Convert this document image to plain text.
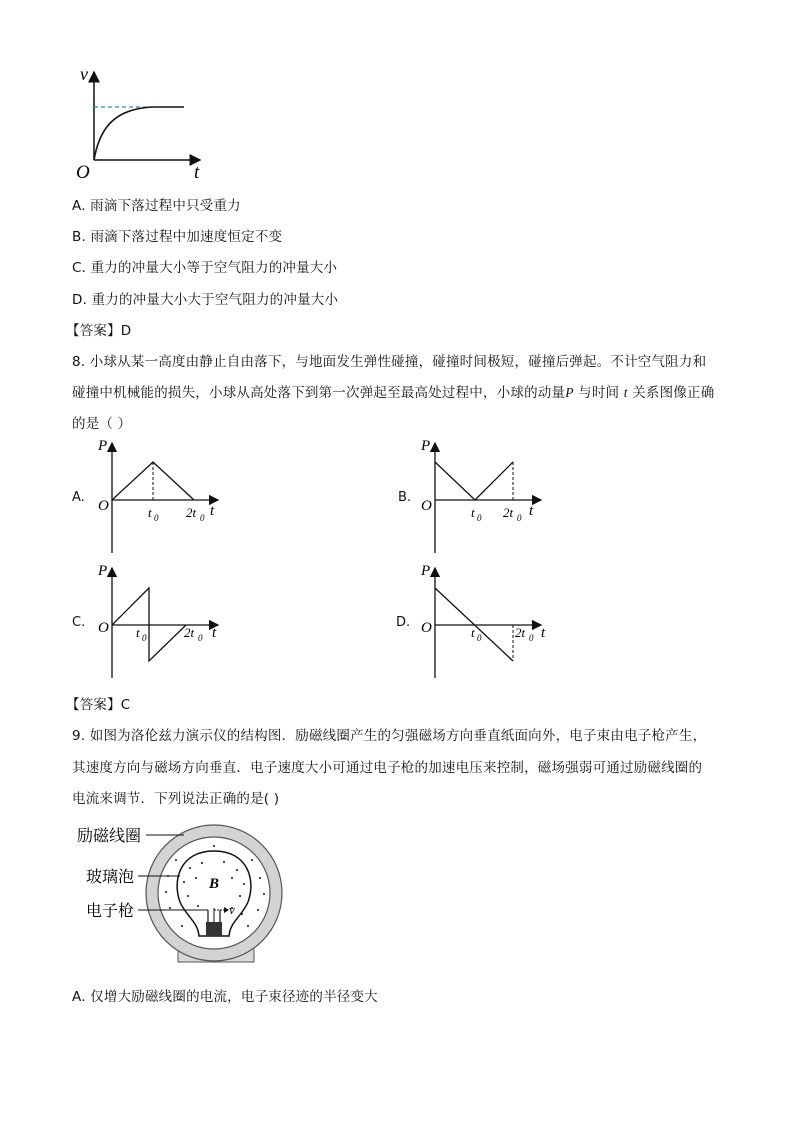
v
t
O
A. 雨滴下落过程中只受重力
B. 雨滴下落过程中加速度恒定不变
C. 重力的冲量大小等于空气阻力的冲量大小
D. 重力的冲量大小大于空气阻力的冲量大小
【答案】D
8. 小球从某一高度由静止自由落下，与地面发生弹性碰撞，碰撞时间极短，碰撞后弹起。不计空气阻力和
碰撞中机械能的损失，小球从高处落下到第一次弹起至最高处过程中，小球的动量P 与时间 t 关系图像正确
的是（ ）
A.
P
O	t 0 2t 0 t
B.
P
O	t 0 2t 0 t
C.
P
O t 0	2t 0 t
D.
P
O	t 0	2t 0 t
【答案】C
9. 如图为洛伦兹力演示仪的结构图．励磁线圈产生的匀强磁场方向垂直纸面向外，电子束由电子枪产生，
其速度方向与磁场方向垂直．电子速度大小可通过电子枪的加速电压来控制，磁场强弱可通过励磁线圈的
电流来调节．下列说法正确的是( )
v
B
励磁线圈
玻璃泡
电子枪
A. 仅增大励磁线圈的电流，电子束径迹的半径变大
